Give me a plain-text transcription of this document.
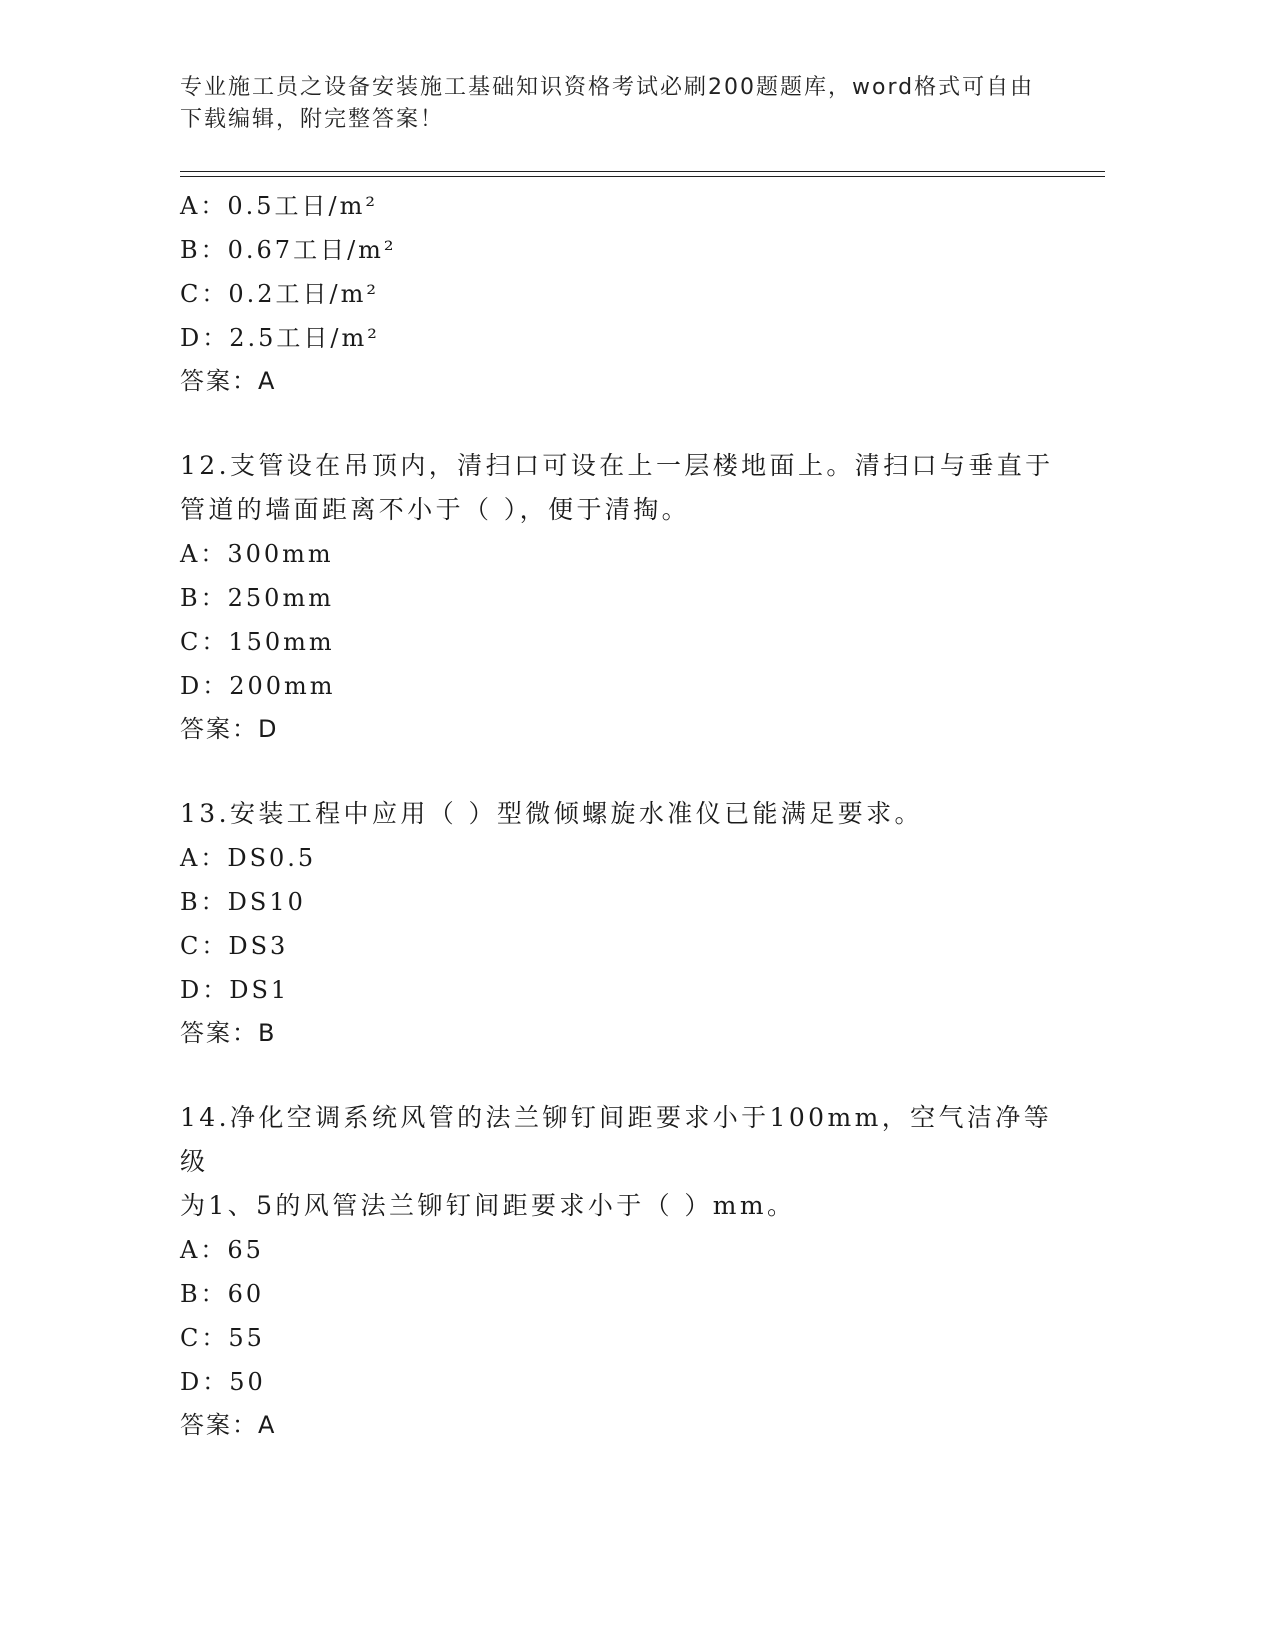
专业施工员之设备安装施工基础知识资格考试必刷200题题库，word格式可自由
下载编辑，附完整答案！
A：0.5工日/m²
B：0.67工日/m²
C：0.2工日/m²
D：2.5工日/m²
答案：A
12.支管设在吊顶内，清扫口可设在上一层楼地面上。清扫口与垂直于
管道的墙面距离不小于（ ），便于清掏。
A：300mm
B：250mm
C：150mm
D：200mm
答案：D
13.安装工程中应用（ ）型微倾螺旋水准仪已能满足要求。
A：DS0.5
B：DS10
C：DS3
D：DS1
答案：B
14.净化空调系统风管的法兰铆钉间距要求小于100mm，空气洁净等级
为1、5的风管法兰铆钉间距要求小于（ ）mm。
A：65
B：60
C：55
D：50
答案：A
